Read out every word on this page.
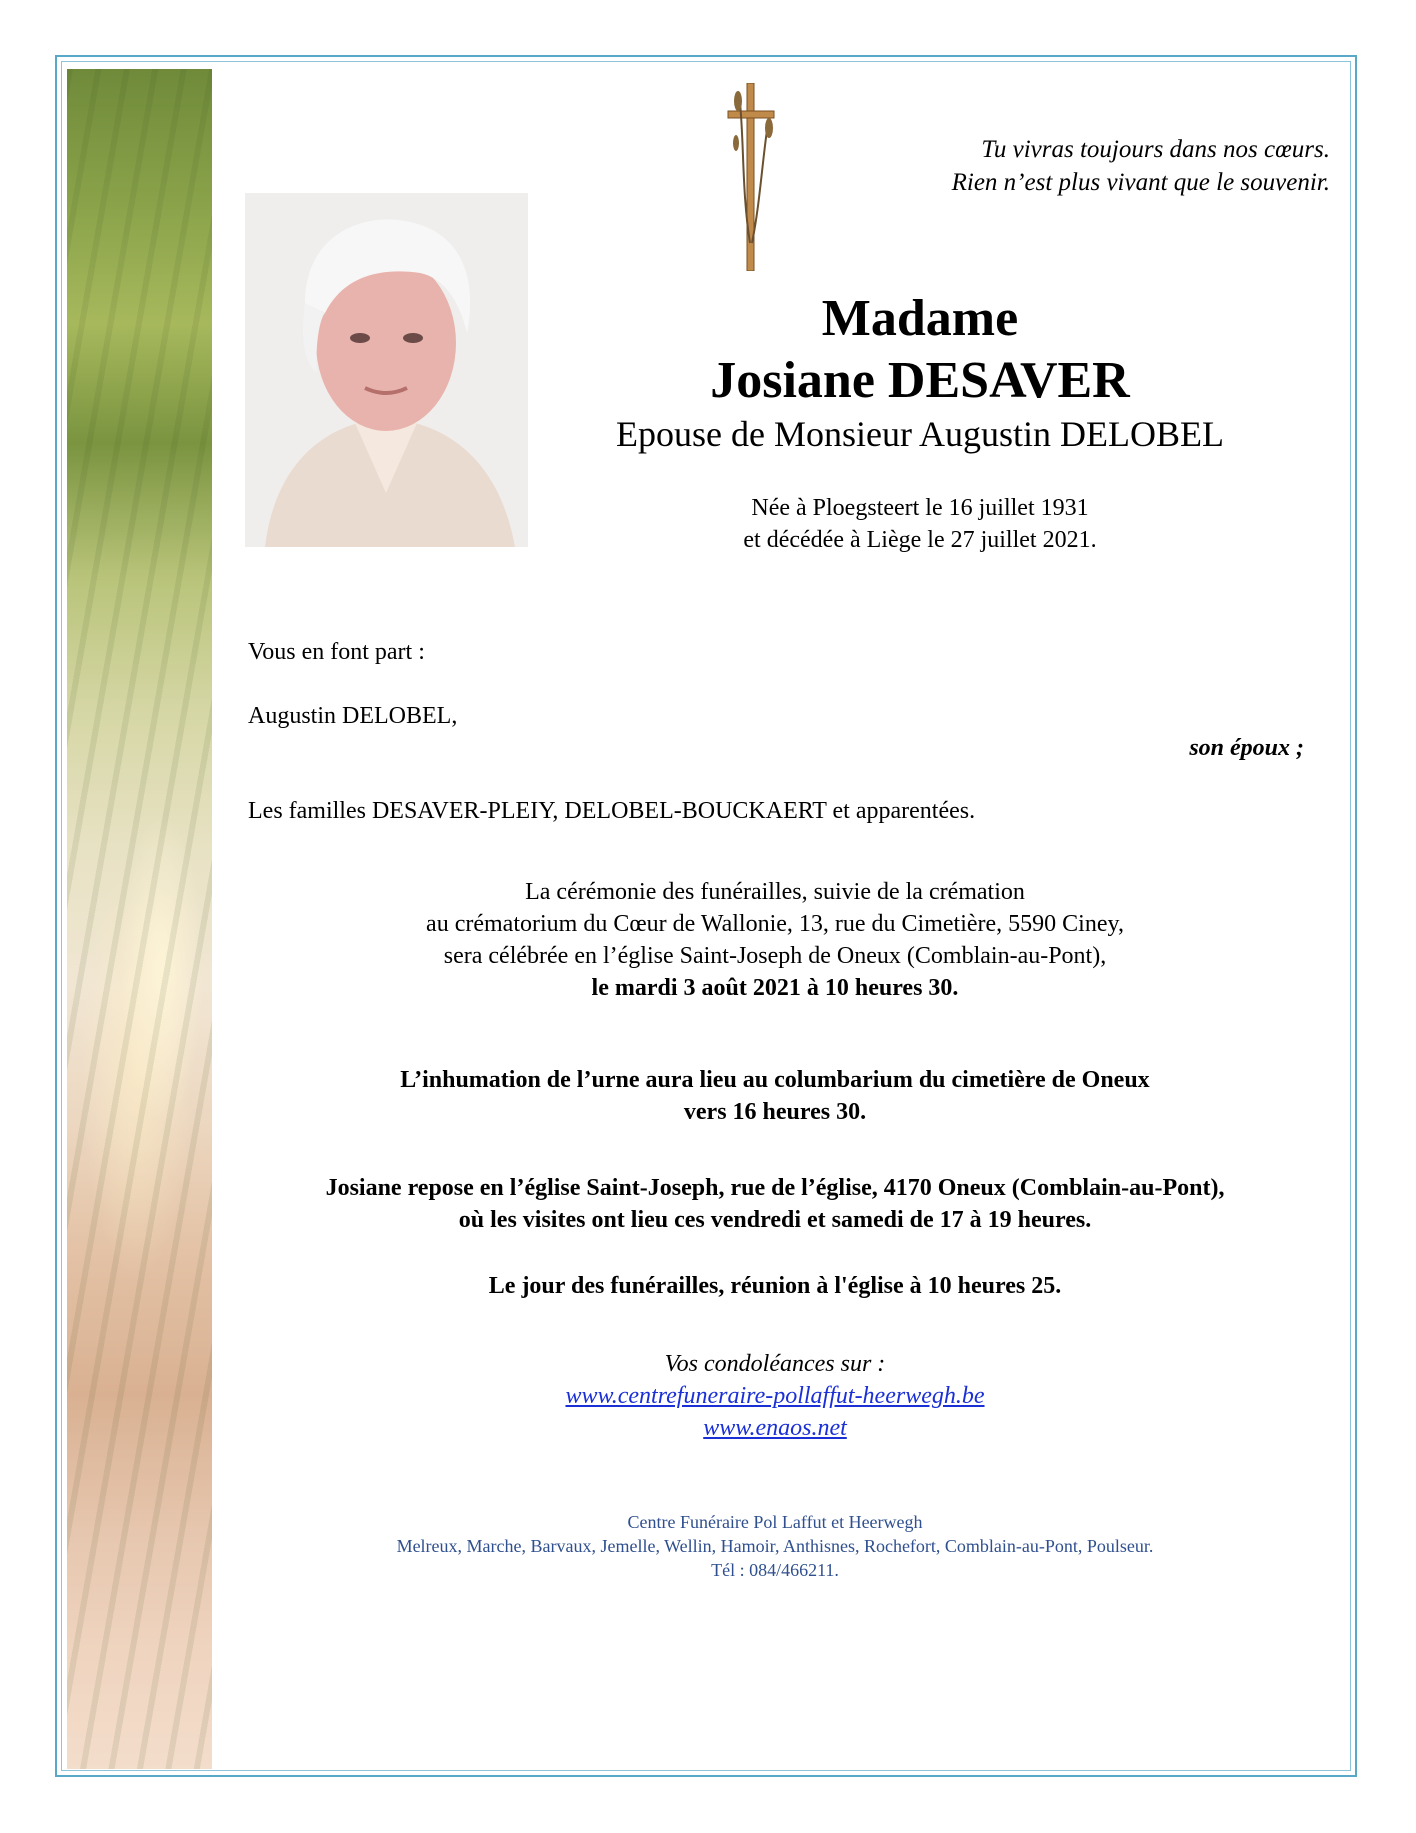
Tu vivras toujours dans nos cœurs.
Rien n’est plus vivant que le souvenir.
Madame
Josiane DESAVER
Epouse de Monsieur Augustin DELOBEL
Née à Ploegsteert le 16 juillet 1931
et décédée à Liège le 27 juillet 2021.
Vous en font part :
Augustin DELOBEL,
son époux ;
Les familles DESAVER-PLEIY, DELOBEL-BOUCKAERT et apparentées.
La cérémonie des funérailles, suivie de la crémation
au crématorium du Cœur de Wallonie, 13, rue du Cimetière, 5590 Ciney,
sera célébrée en l’église Saint-Joseph de Oneux (Comblain-au-Pont),
le mardi 3 août 2021 à 10 heures 30.
L’inhumation de l’urne aura lieu au columbarium du cimetière de Oneux
vers 16 heures 30.
Josiane repose en l’église Saint-Joseph, rue de l’église, 4170 Oneux (Comblain-au-Pont),
où les visites ont lieu ces vendredi et samedi de 17 à 19 heures.
Le jour des funérailles, réunion à l'église à 10 heures 25.
Vos condoléances sur :
www.centrefuneraire-pollaffut-heerwegh.be
www.enaos.net
Centre Funéraire Pol Laffut et Heerwegh
Melreux, Marche, Barvaux, Jemelle, Wellin, Hamoir, Anthisnes, Rochefort, Comblain-au-Pont, Poulseur.
Tél : 084/466211.
